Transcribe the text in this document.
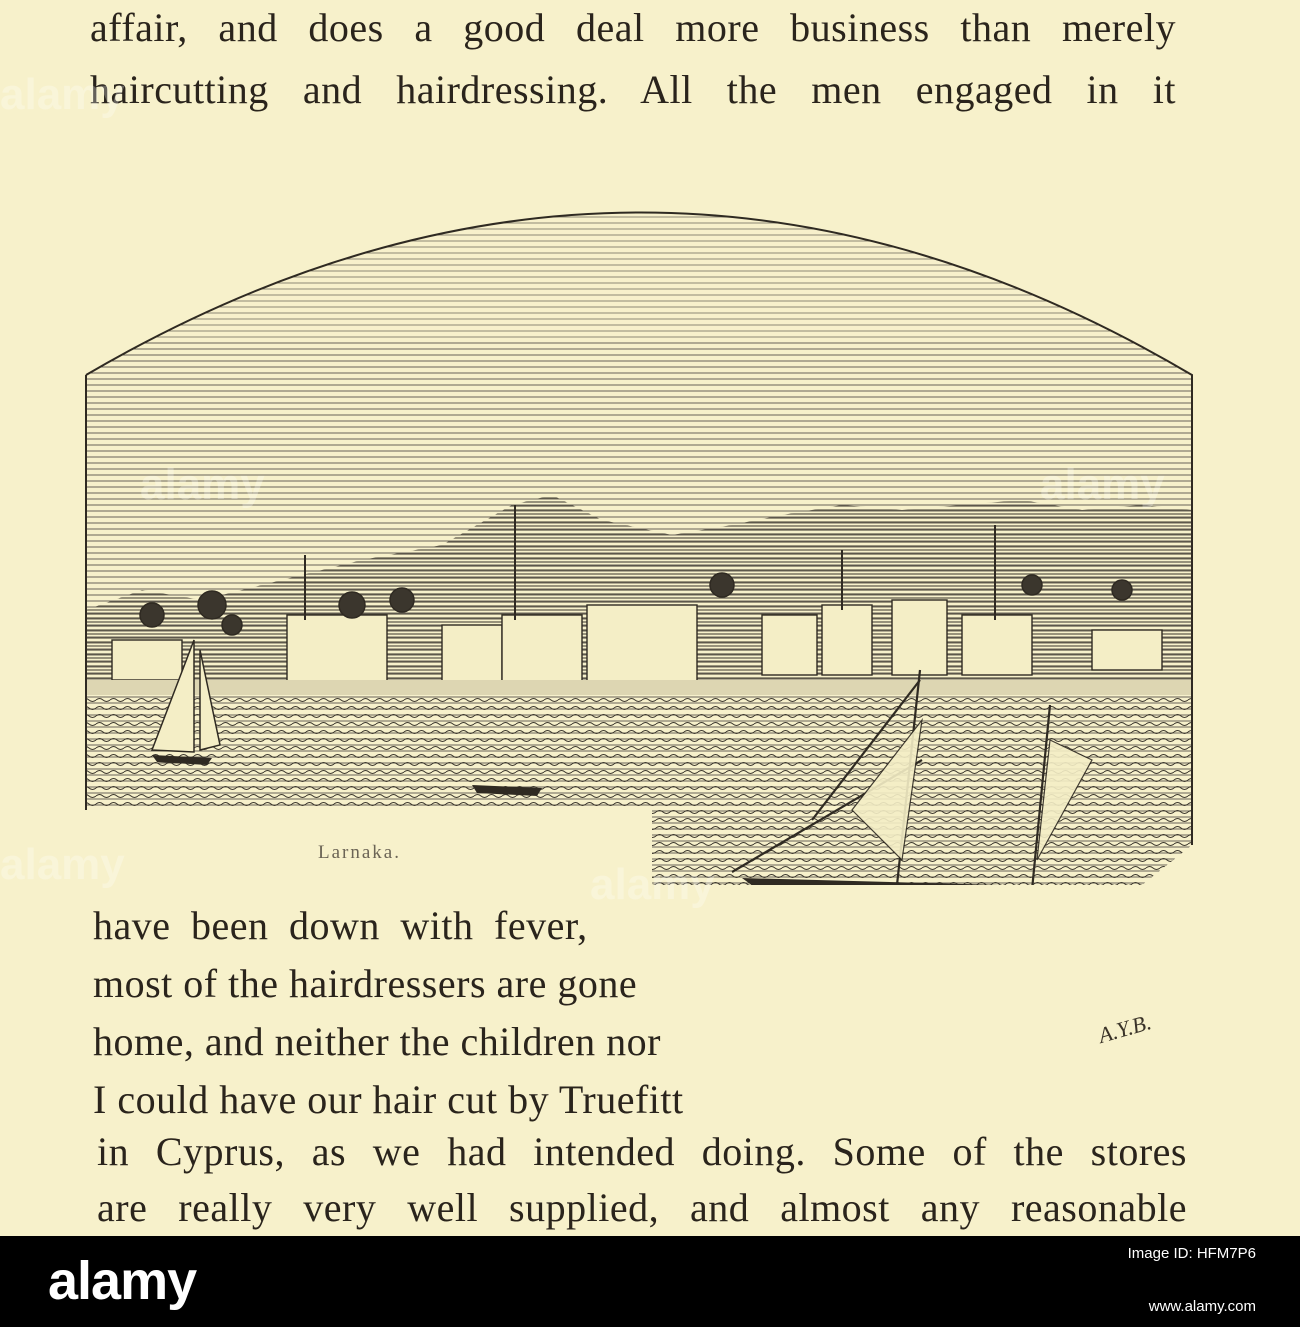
affair, and does a good deal more business than merely
haircutting and hairdressing. All the men engaged in it
Larnaka.
A.Y.B.
have been down with fever,
most of the hairdressers are gone
home, and neither the children nor
I could have our hair cut by Truefitt
in Cyprus, as we had intended doing. Some of the stores
are really very well supplied, and almost any reasonable
alamy
alamy	alamy
alamy	alamy
alamy	Image ID: HFM7P6
www.alamy.com
